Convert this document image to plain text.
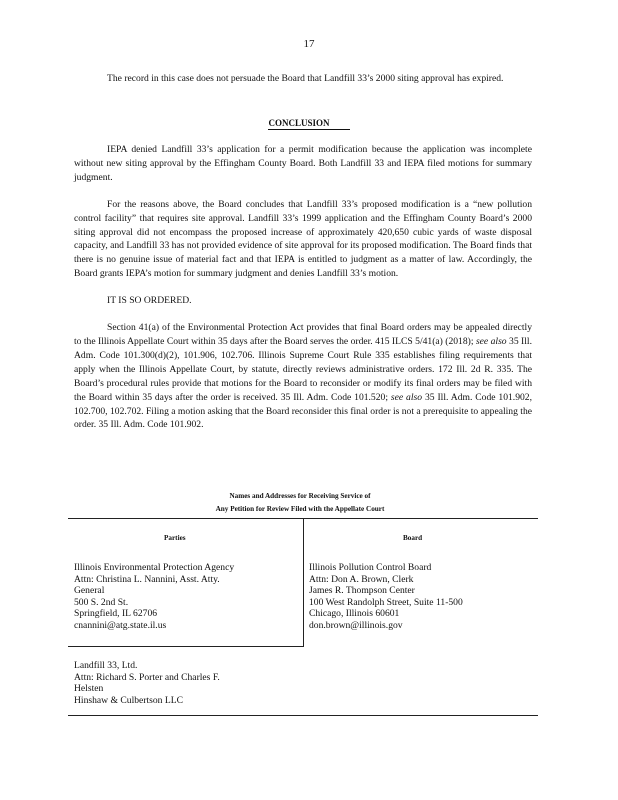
17

The record in this case does not persuade the Board that Landfill 33’s 2000 siting approval has expired.

CONCLUSION

IEPA denied Landfill 33’s application for a permit modification because the application was incomplete without new siting approval by the Effingham County Board. Both Landfill 33 and IEPA filed motions for summary judgment.

For the reasons above, the Board concludes that Landfill 33’s proposed modification is a “new pollution control facility” that requires site approval. Landfill 33’s 1999 application and the Effingham County Board’s 2000 siting approval did not encompass the proposed increase of approximately 420,650 cubic yards of waste disposal capacity, and Landfill 33 has not provided evidence of site approval for its proposed modification. The Board finds that there is no genuine issue of material fact and that IEPA is entitled to judgment as a matter of law. Accordingly, the Board grants IEPA’s motion for summary judgment and denies Landfill 33’s motion.

IT IS SO ORDERED.

Section 41(a) of the Environmental Protection Act provides that final Board orders may be appealed directly to the Illinois Appellate Court within 35 days after the Board serves the order. 415 ILCS 5/41(a) (2018); see also 35 Ill. Adm. Code 101.300(d)(2), 101.906, 102.706. Illinois Supreme Court Rule 335 establishes filing requirements that apply when the Illinois Appellate Court, by statute, directly reviews administrative orders. 172 Ill. 2d R. 335. The Board’s procedural rules provide that motions for the Board to reconsider or modify its final orders may be filed with the Board within 35 days after the order is received. 35 Ill. Adm. Code 101.520; see also 35 Ill. Adm. Code 101.902, 102.700, 102.702. Filing a motion asking that the Board reconsider this final order is not a prerequisite to appealing the order. 35 Ill. Adm. Code 101.902.

Names and Addresses for Receiving Service of
Any Petition for Review Filed with the Appellate Court
Parties	Board
Illinois Environmental Protection Agency
Attn: Christina L. Nannini, Asst. Atty.
General
500 S. 2nd St.
Springfield, IL 62706
cnannini@atg.state.il.us
Illinois Pollution Control Board
Attn: Don A. Brown, Clerk
James R. Thompson Center
100 West Randolph Street, Suite 11-500
Chicago, Illinois 60601
don.brown@illinois.gov
Landfill 33, Ltd.
Attn: Richard S. Porter and Charles F.
Helsten
Hinshaw & Culbertson LLC
